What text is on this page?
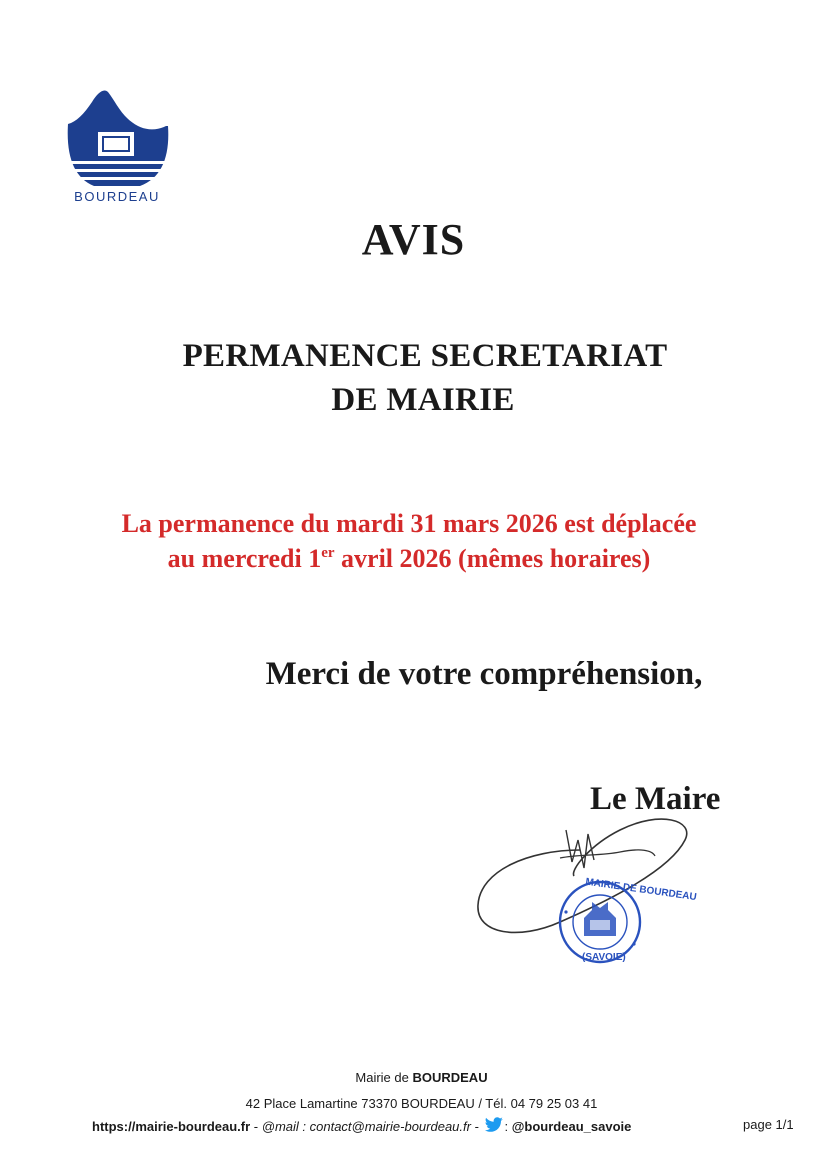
BOURDEAU
AVIS
PERMANENCE SECRETARIAT
DE MAIRIE
La permanence du mardi 31 mars 2026 est déplacée
au mercredi 1er avril 2026 (mêmes horaires)
Merci de votre compréhension,
Le Maire
MAIRIE DE BOURDEAU
(SAVOIE)
Mairie de BOURDEAU
42 Place Lamartine 73370 BOURDEAU / Tél. 04 79 25 03 41
https://mairie-bourdeau.fr - @mail : contact@mairie-bourdeau.fr - : @bourdeau_savoie	page 1/1
